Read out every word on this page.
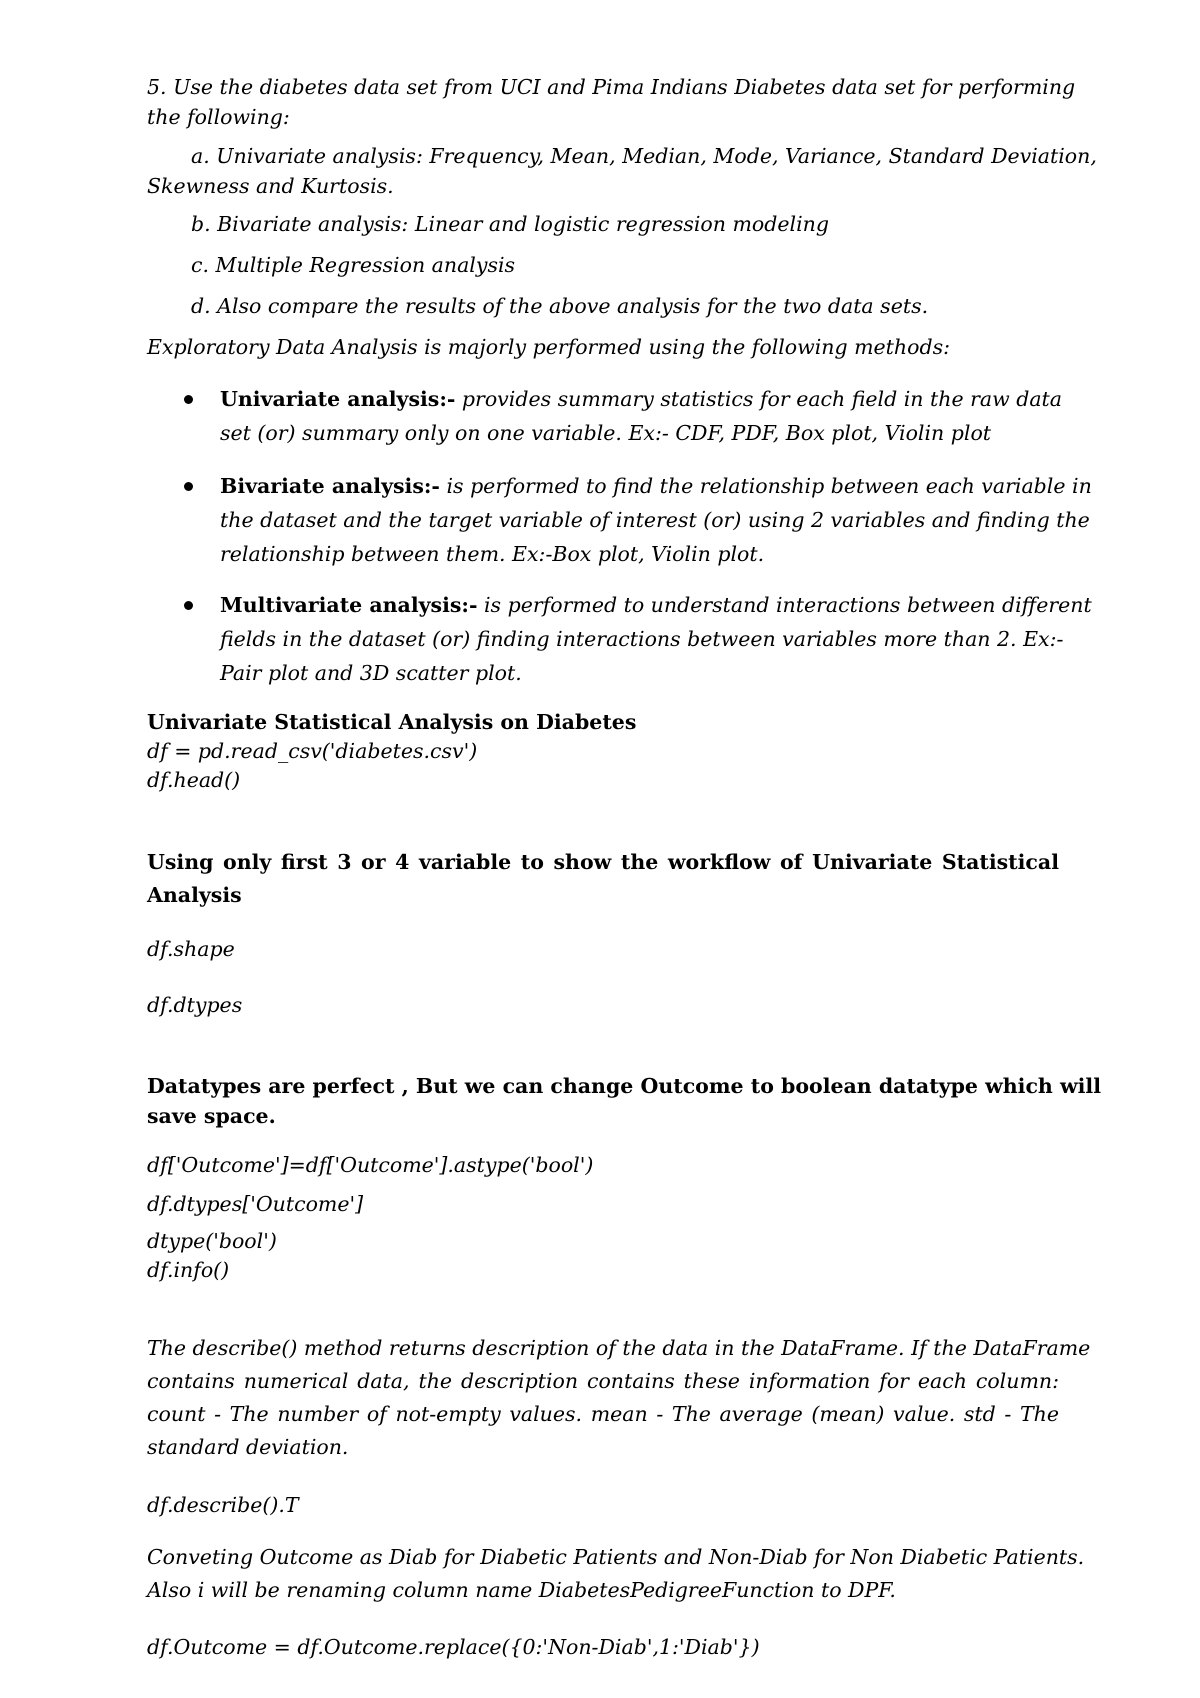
5. Use the diabetes data set from UCI and Pima Indians Diabetes data set for performing
the following:
a. Univariate analysis: Frequency, Mean, Median, Mode, Variance, Standard Deviation,
Skewness and Kurtosis.
b. Bivariate analysis: Linear and logistic regression modeling
c. Multiple Regression analysis
d. Also compare the results of the above analysis for the two data sets.
Exploratory Data Analysis is majorly performed using the following methods:
Univariate analysis:- provides summary statistics for each field in the raw data
set (or) summary only on one variable. Ex:- CDF, PDF, Box plot, Violin plot
Bivariate analysis:- is performed to find the relationship between each variable in
the dataset and the target variable of interest (or) using 2 variables and finding the
relationship between them. Ex:-Box plot, Violin plot.
Multivariate analysis:- is performed to understand interactions between different
fields in the dataset (or) finding interactions between variables more than 2. Ex:-
Pair plot and 3D scatter plot.
Univariate Statistical Analysis on Diabetes
df = pd.read_csv('diabetes.csv')
df.head()
Using only first 3 or 4 variable to show the workflow of Univariate Statistical
Analysis
df.shape
df.dtypes
Datatypes are perfect , But we can change Outcome to boolean datatype which will
save space.
df['Outcome']=df['Outcome'].astype('bool')
df.dtypes['Outcome']
dtype('bool')
df.info()
The describe() method returns description of the data in the DataFrame. If the DataFrame
contains numerical data, the description contains these information for each column:
count - The number of not-empty values. mean - The average (mean) value. std - The
standard deviation.
df.describe().T
Conveting Outcome as Diab for Diabetic Patients and Non-Diab for Non Diabetic Patients.
Also i will be renaming column name DiabetesPedigreeFunction to DPF.
df.Outcome = df.Outcome.replace({0:'Non-Diab',1:'Diab'})
